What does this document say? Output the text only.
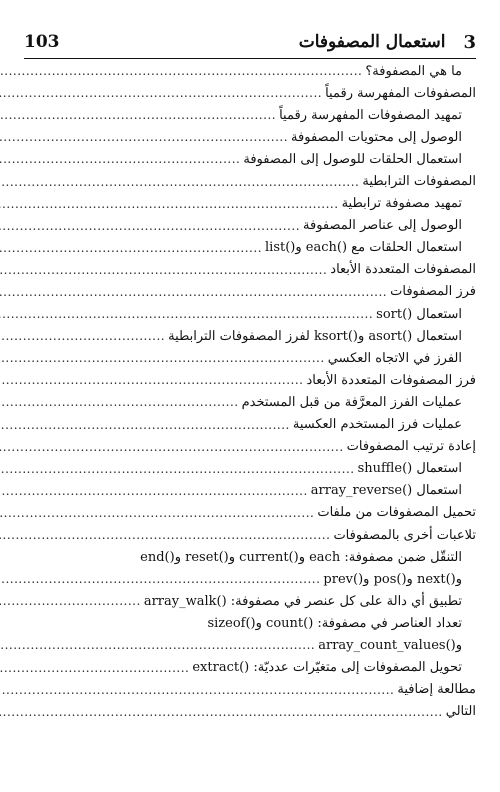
3
استعمال المصفوفات
103
ما هي المصفوفة؟
.....
المصفوفات المفهرسة رقمياً
.....
تمهيد المصفوفات المفهرسة رقمياً
.....
الوصول إلى محتويات المصفوفة
.....
استعمال الحلقات للوصول إلى المصفوفة
.....
المصفوفات الترابطية
.....
تمهيد مصفوفة ترابطية
.....
الوصول إلى عناصر المصفوفة
.....
استعمال الحلقات مع ()each و()list
.....
المصفوفات المتعددة الأبعاد
.....
فرز المصفوفات
.....
استعمال ()sort
.....
استعمال ()asort و()ksort لفرز المصفوفات الترابطية
.....
الفرز في الاتجاه العكسي
.....
فرز المصفوفات المتعددة الأبعاد
.....
عمليات الفرز المعرَّفة من قبل المستخدم
.....
عمليات فرز المستخدم العكسية
.....
إعادة ترتيب المصفوفات
.....
استعمال ()shuffle
.....
استعمال ()array_reverse
.....
تحميل المصفوفات من ملفات
.....
تلاعبات أخرى بالمصفوفات
.....
التنقّل ضمن مصفوفة: each و()current و()reset و()end
و()next و()pos و()prev
.....
تطبيق أي دالة على كل عنصر في مصفوفة: ()array_walk
.....
تعداد العناصر في مصفوفة: ()count و()sizeof
و()array_count_values
.....
تحويل المصفوفات إلى متغيّرات عدديّة: ()extract
.....
مطالعة إضافية
.....
التالي
.....
